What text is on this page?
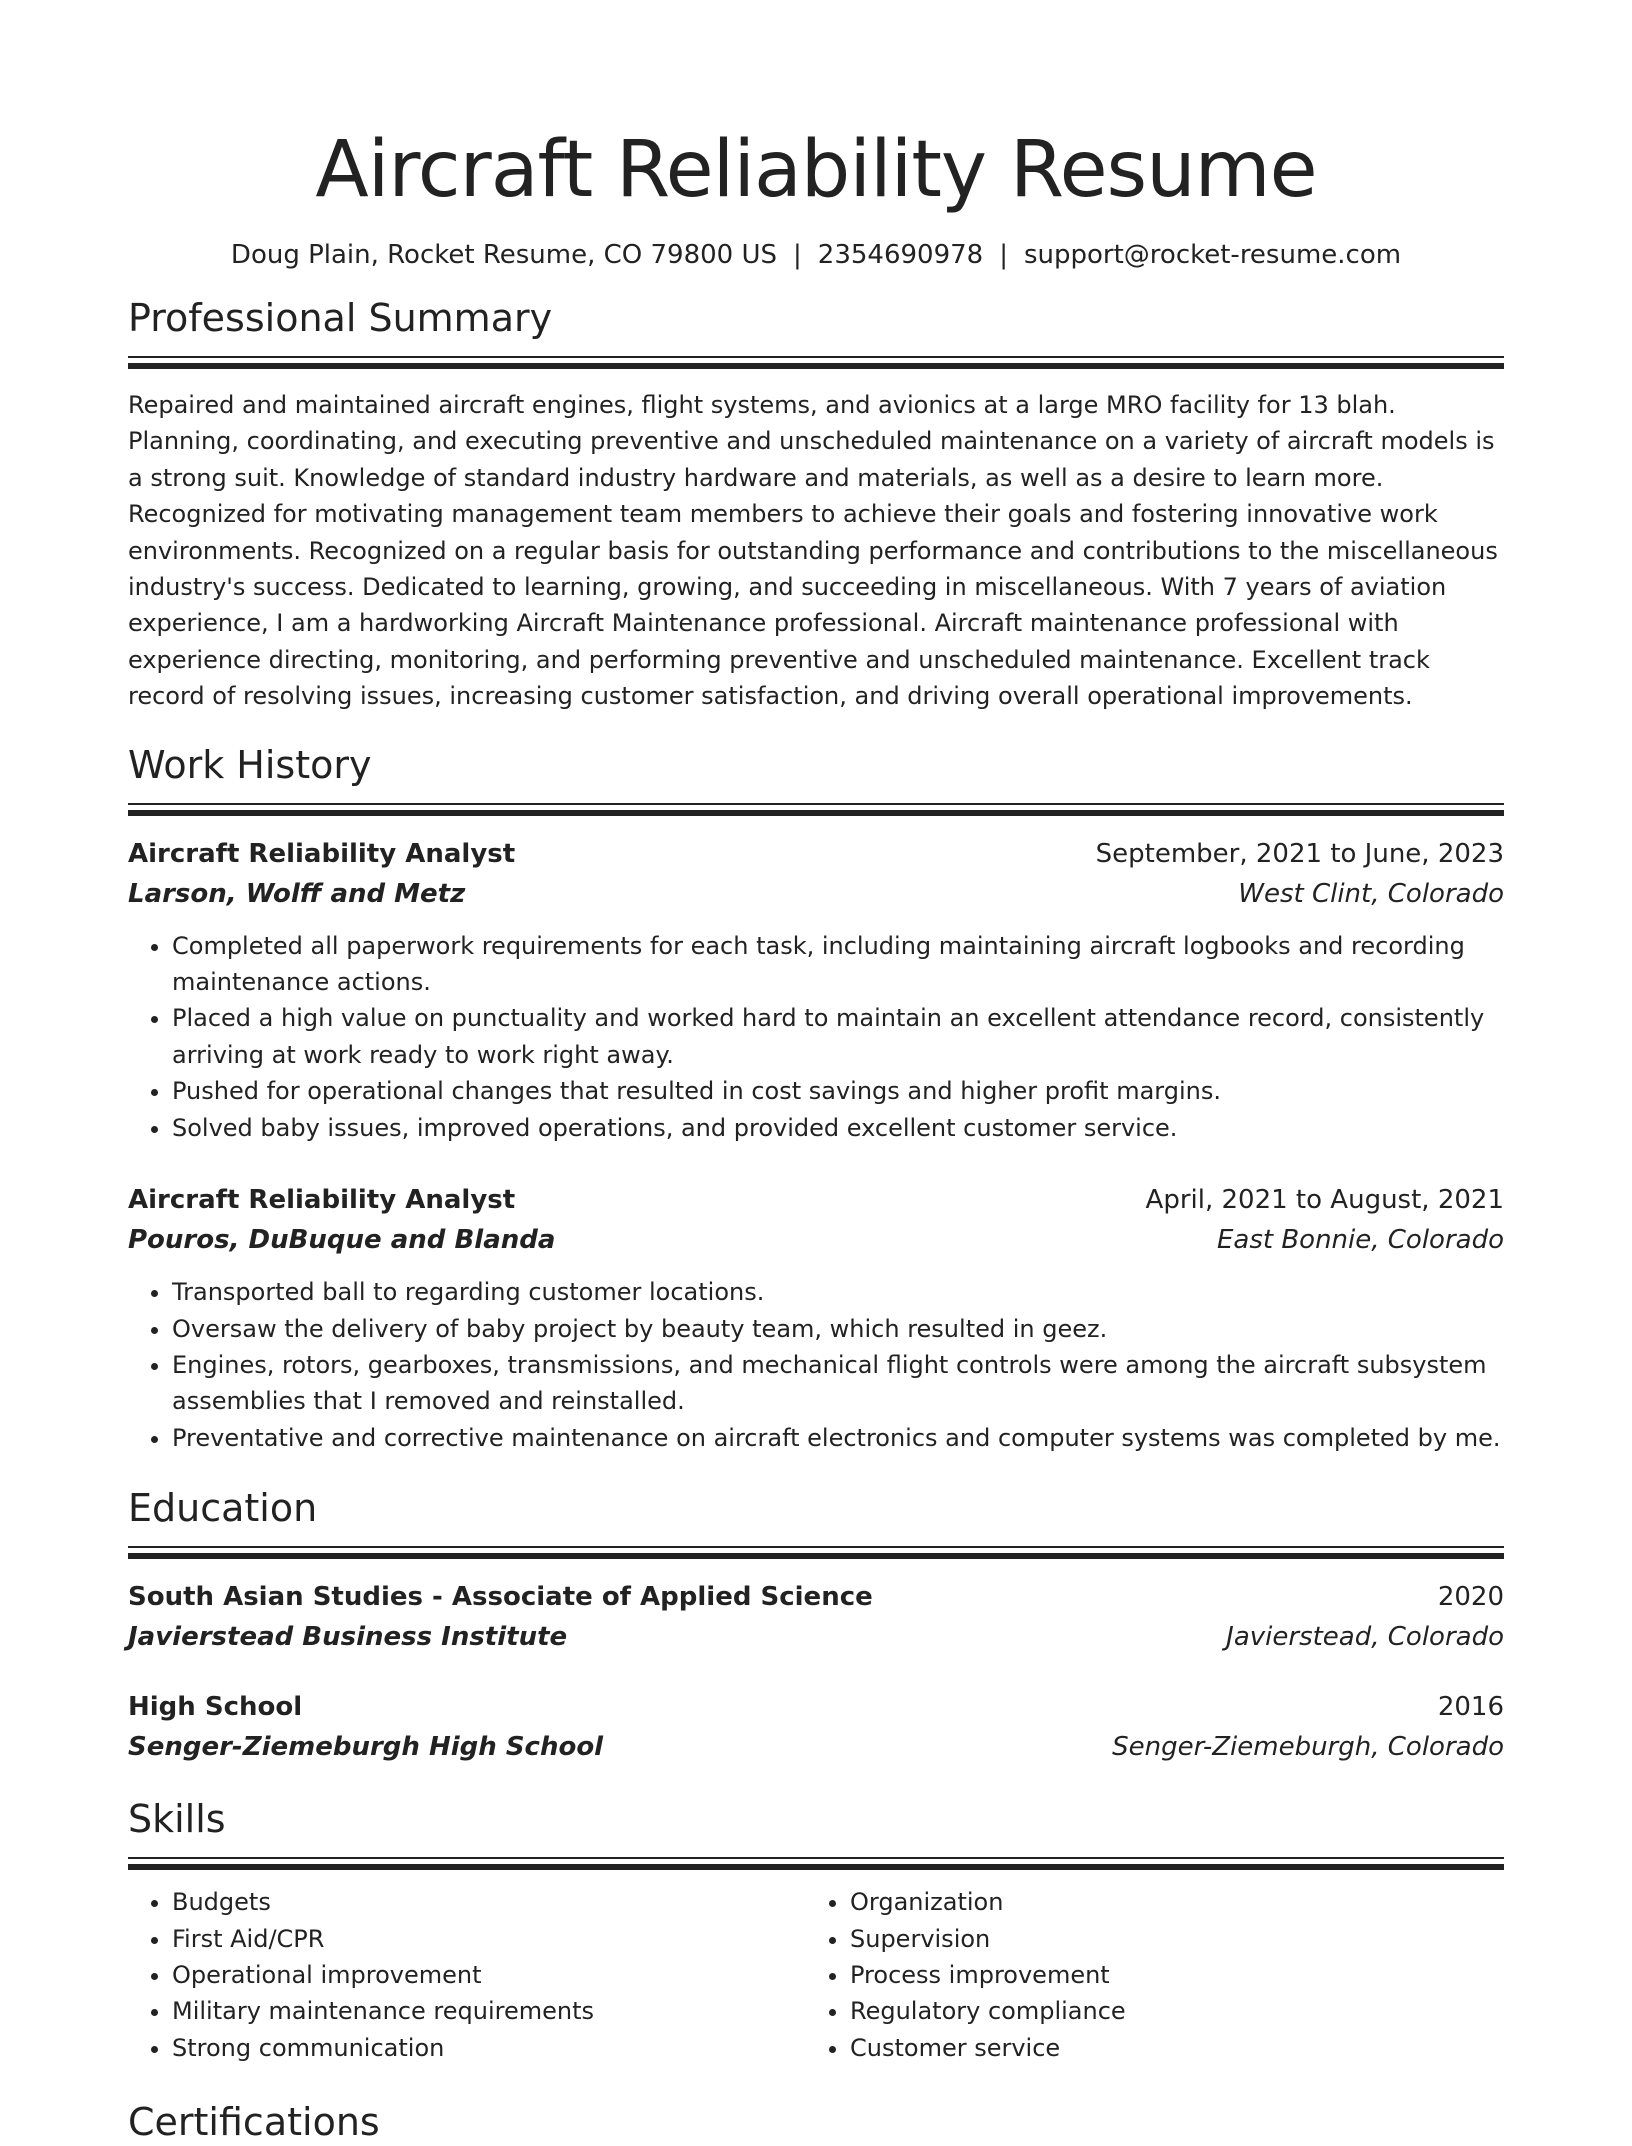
Aircraft Reliability Resume
Doug Plain, Rocket Resume, CO 79800 US | 2354690978 | support@rocket-resume.com
Professional Summary

Repaired and maintained aircraft engines, flight systems, and avionics at a large MRO facility for 13 blah. Planning, coordinating, and executing preventive and unscheduled maintenance on a variety of aircraft models is a strong suit. Knowledge of standard industry hardware and materials, as well as a desire to learn more. Recognized for motivating management team members to achieve their goals and fostering innovative work environments. Recognized on a regular basis for outstanding performance and contributions to the miscellaneous industry's success. Dedicated to learning, growing, and succeeding in miscellaneous. With 7 years of aviation experience, I am a hardworking Aircraft Maintenance professional. Aircraft maintenance professional with experience directing, monitoring, and performing preventive and unscheduled maintenance. Excellent track record of resolving issues, increasing customer satisfaction, and driving overall operational improvements.

Work History
Aircraft Reliability Analyst	September, 2021 to June, 2023
Larson, Wolff and Metz	West Clint, Colorado
• Completed all paperwork requirements for each task, including maintaining aircraft logbooks and recording maintenance actions.
• Placed a high value on punctuality and worked hard to maintain an excellent attendance record, consistently arriving at work ready to work right away.
• Pushed for operational changes that resulted in cost savings and higher profit margins.
• Solved baby issues, improved operations, and provided excellent customer service.
Aircraft Reliability Analyst	April, 2021 to August, 2021
Pouros, DuBuque and Blanda	East Bonnie, Colorado
• Transported ball to regarding customer locations.
• Oversaw the delivery of baby project by beauty team, which resulted in geez.
• Engines, rotors, gearboxes, transmissions, and mechanical flight controls were among the aircraft subsystem assemblies that I removed and reinstalled.
• Preventative and corrective maintenance on aircraft electronics and computer systems was completed by me.
Education
South Asian Studies - Associate of Applied Science	2020
Javierstead Business Institute	Javierstead, Colorado
High School	2016
Senger-Ziemeburgh High School	Senger-Ziemeburgh, Colorado
Skills
• Budgets
• First Aid/CPR
• Operational improvement
• Military maintenance requirements
• Strong communication
• Organization
• Supervision
• Process improvement
• Regulatory compliance
• Customer service
Certifications
